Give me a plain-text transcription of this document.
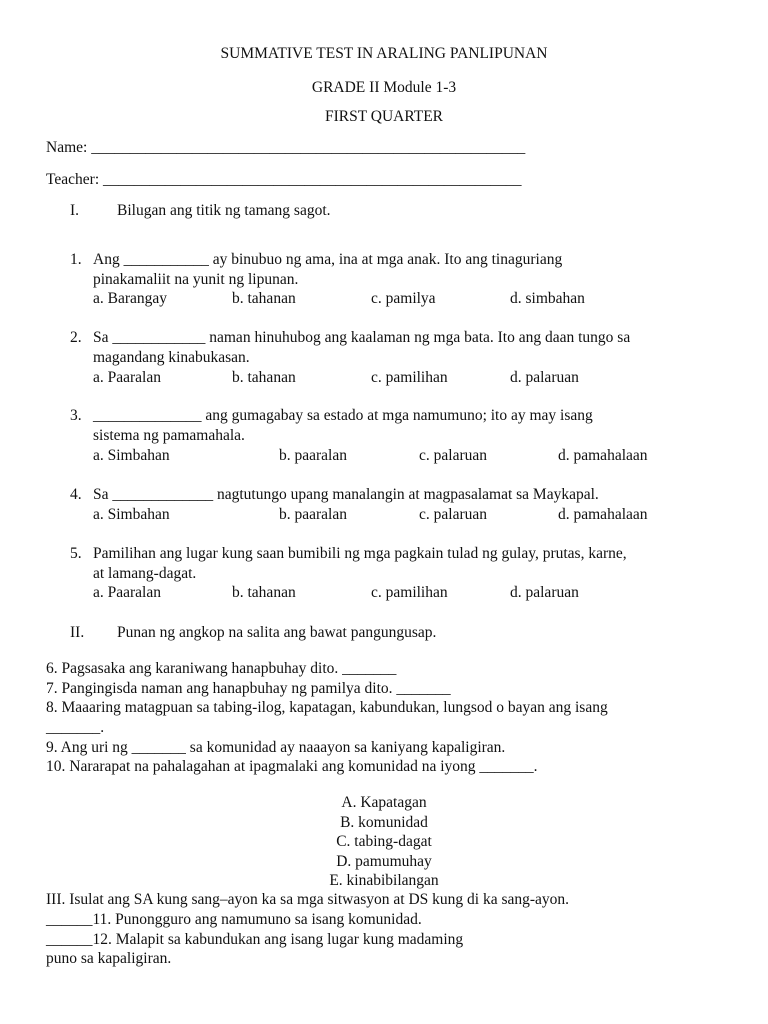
SUMMATIVE TEST IN ARALING PANLIPUNAN
GRADE II Module 1-3
FIRST QUARTER
Name: ________________________________________________________
Teacher: ______________________________________________________
I. Bilugan ang titik ng tamang sagot.
1. Ang ___________ ay binubuo ng ama, ina at mga anak. Ito ang tinaguriang
pinakamaliit na yunit ng lipunan.
a. Barangay	b. tahanan	c. pamilya	d. simbahan
2. Sa ____________ naman hinuhubog ang kaalaman ng mga bata. Ito ang daan tungo sa
magandang kinabukasan.
a. Paaralan	b. tahanan	c. pamilihan	d. palaruan
3. ______________ ang gumagabay sa estado at mga namumuno; ito ay may isang
sistema ng pamamahala.
a. Simbahan	b. paaralan	c. palaruan	d. pamahalaan
4. Sa _____________ nagtutungo upang manalangin at magpasalamat sa Maykapal.
a. Simbahan	b. paaralan	c. palaruan	d. pamahalaan
5. Pamilihan ang lugar kung saan bumibili ng mga pagkain tulad ng gulay, prutas, karne,
at lamang-dagat.
a. Paaralan	b. tahanan	c. pamilihan	d. palaruan
II. Punan ng angkop na salita ang bawat pangungusap.
6. Pagsasaka ang karaniwang hanapbuhay dito. _______
7. Pangingisda naman ang hanapbuhay ng pamilya dito. _______
8. Maaaring matagpuan sa tabing-ilog, kapatagan, kabundukan, lungsod o bayan ang isang
_______.
9. Ang uri ng _______ sa komunidad ay naaayon sa kaniyang kapaligiran.
10. Nararapat na pahalagahan at ipagmalaki ang komunidad na iyong _______.
A. Kapatagan
B. komunidad
C. tabing-dagat
D. pamumuhay
E. kinabibilangan
III. Isulat ang SA kung sang–ayon ka sa mga sitwasyon at DS kung di ka sang-ayon.
______11. Punongguro ang namumuno sa isang komunidad.
______12. Malapit sa kabundukan ang isang lugar kung madaming
puno sa kapaligiran.
